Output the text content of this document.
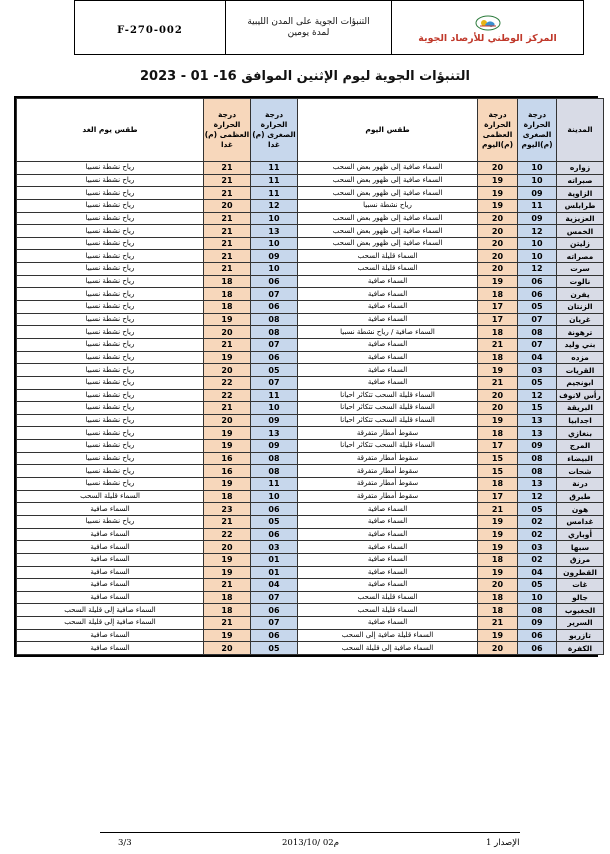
F-270-002	
التنبؤات الجوية على المدن الليبية
لمدة يومين

المركز الوطني للأرصاد الجوية
التنبؤات الجوية ليوم الإثنين الموافق 16- 01 - 2023
المدينة	درجة الحرارة الصغرى (م)اليوم	درجة الحرارة العظمى (م)اليوم	طقس اليوم	درجة الحرارة الصغرى (م) غدا	درجة الحرارة العظمى (م) غدا	طقس يوم الغد
زواره	10	20	السماء صافية إلى ظهور بعض السحب	11	21	رياح نشطة نسبيا
صبراته	10	19	السماء صافية إلى ظهور بعض السحب	11	21	رياح نشطة نسبيا
الزاوية	09	19	السماء صافية إلى ظهور بعض السحب	11	21	رياح نشطة نسبيا
طرابلس	11	19	رياح نشطة نسبيا	12	20	رياح نشطة نسبيا
العزيزية	09	20	السماء صافية إلى ظهور بعض السحب	10	21	رياح نشطة نسبيا
الخمس	12	20	السماء صافية إلى ظهور بعض السحب	13	21	رياح نشطة نسبيا
زليتن	10	20	السماء صافية إلى ظهور بعض السحب	10	21	رياح نشطة نسبيا
مصراته	10	20	السماء قليلة السحب	09	21	رياح نشطة نسبيا
سرت	12	20	السماء قليلة السحب	10	21	رياح نشطة نسبيا
نالوت	06	19	السماء صافية	06	18	رياح نشطة نسبيا
يفرن	06	18	السماء صافية	07	18	رياح نشطة نسبيا
الزنتان	05	17	السماء صافية	06	18	رياح نشطة نسبيا
غريان	07	17	السماء صافية	08	19	رياح نشطة نسبيا
ترهونة	08	18	السماء صافية / رياح نشطة نسبيا	08	20	رياح نشطة نسبيا
بني وليد	07	21	السماء صافية	07	21	رياح نشطة نسبيا
مزده	04	18	السماء صافية	06	19	رياح نشطة نسبيا
القريات	03	19	السماء صافية	05	20	رياح نشطة نسبيا
ابونجيم	05	21	السماء صافية	07	22	رياح نشطة نسبيا
رأس لانوف	12	20	السماء قليلة السحب تتكاثر احيانا	11	22	رياح نشطة نسبيا
البريقة	15	20	السماء قليلة السحب تتكاثر احيانا	10	21	رياح نشطة نسبيا
اجدابيا	13	19	السماء قليلة السحب تتكاثر احيانا	09	20	رياح نشطة نسبيا
بنغازي	13	18	سقوط أمطار متفرقة	13	19	رياح نشطة نسبيا
المرج	09	17	السماء قليلة السحب تتكاثر احيانا	09	19	رياح نشطة نسبيا
البيضاء	08	15	سقوط أمطار متفرقة	08	16	رياح نشطة نسبيا
شحات	08	15	سقوط أمطار متفرقة	08	16	رياح نشطة نسبيا
درنة	13	18	سقوط أمطار متفرقة	11	19	رياح نشطة نسبيا
طبرق	12	17	سقوط أمطار متفرقة	10	18	السماء قليلة السحب
هون	05	21	السماء صافية	06	23	السماء صافية
غدامس	02	19	السماء صافية	05	21	رياح نشطة نسبيا
أوباري	02	19	السماء صافية	06	22	السماء صافية
سبها	03	19	السماء صافية	03	20	السماء صافية
مرزق	02	18	السماء صافية	01	19	السماء صافية
القطرون	04	19	السماء صافية	01	19	السماء صافية
غات	05	20	السماء صافية	04	21	السماء صافية
جالو	10	18	السماء قليلة السحب	07	18	السماء صافية
الجغبوب	08	18	السماء قليلة السحب	06	18	السماء صافية إلى قليلة السحب
السرير	09	21	السماء صافية	07	21	السماء صافية إلى قليلة السحب
تازربو	06	19	السماء قليلة صافية إلى السحب	06	19	السماء صافية
الكفرة	06	20	السماء صافية إلى قليلة السحب	05	20	السماء صافية
الإصدار 1
2013/10/ 02م
3/3
